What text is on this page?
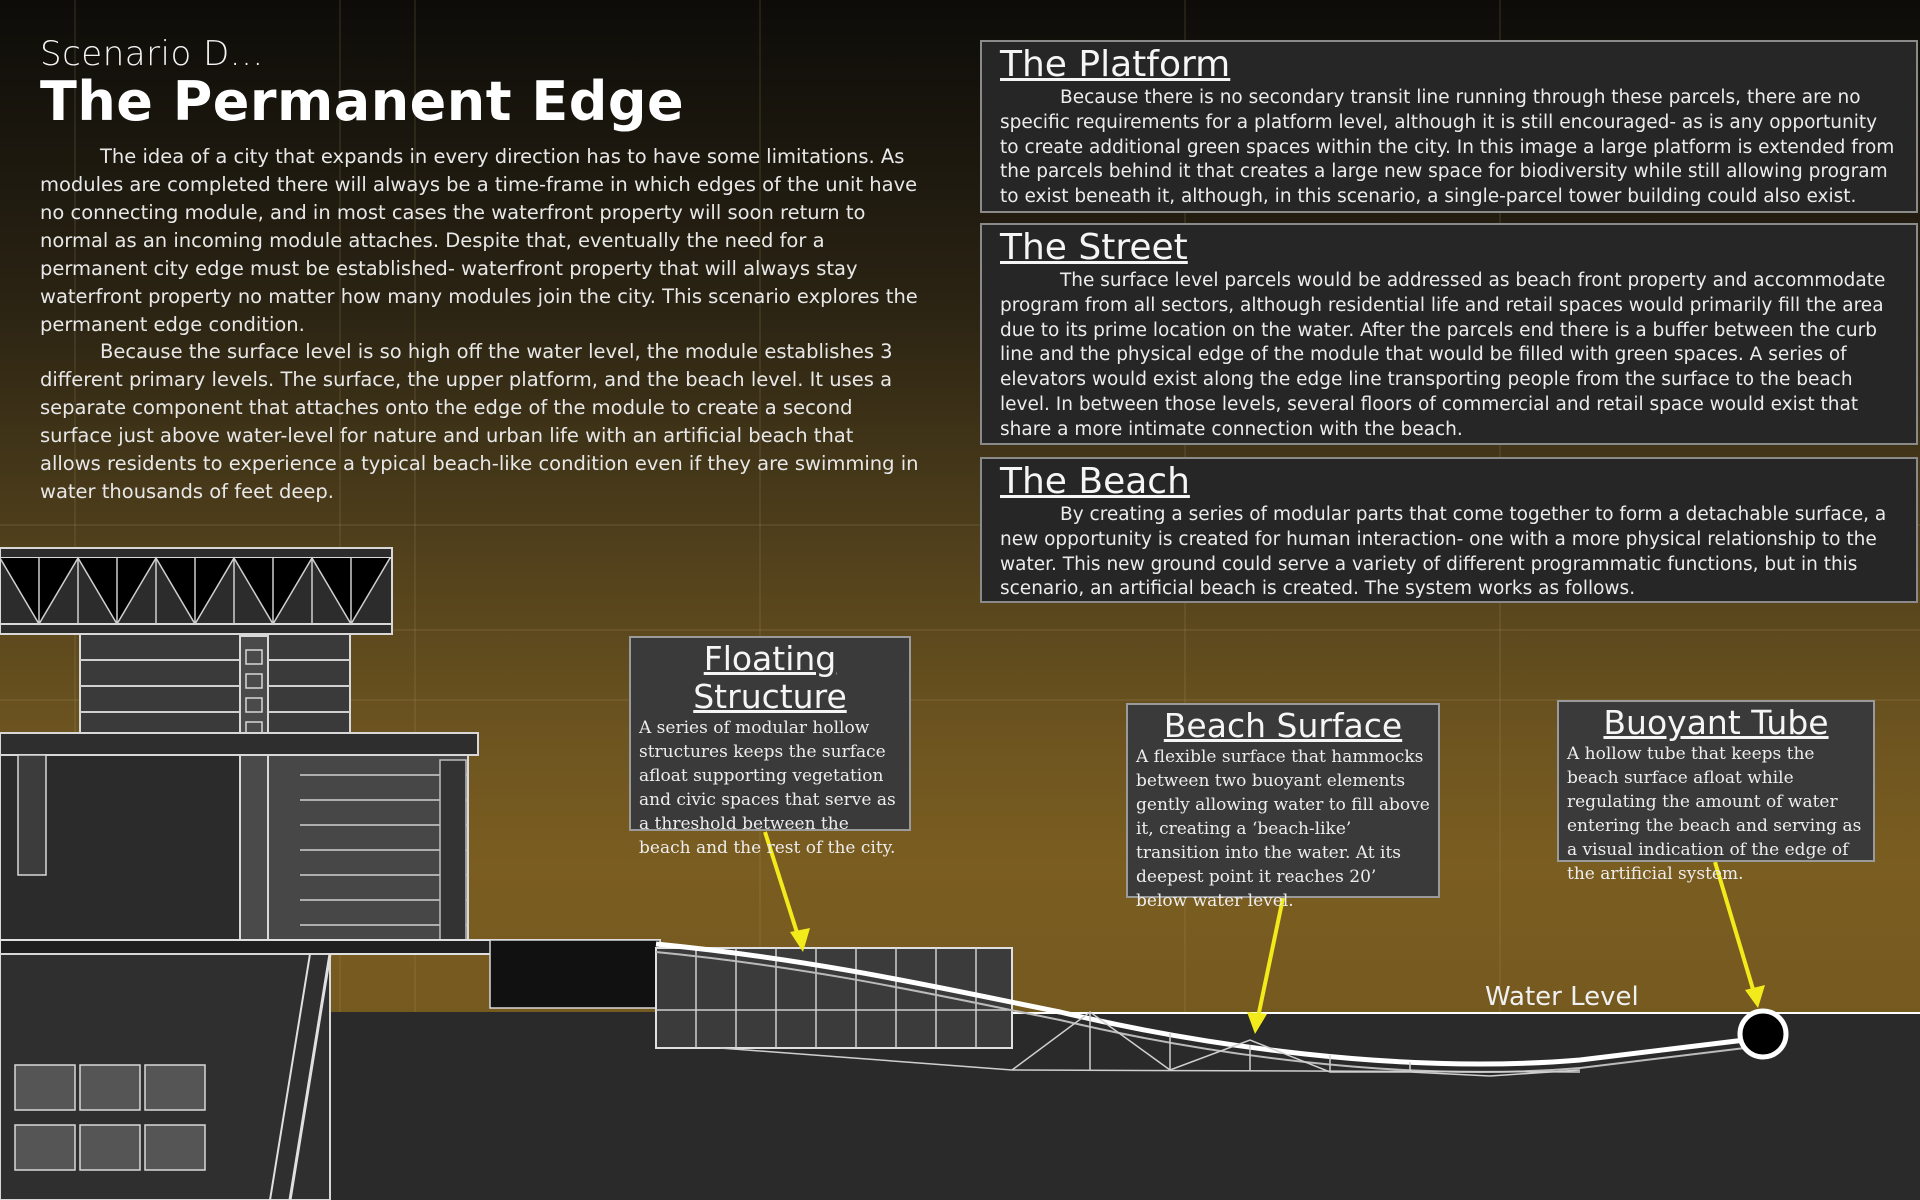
Scenario D...
The Permanent Edge

The idea of a city that expands in every direction has to have some limitations. As modules are completed there will always be a time-frame in which edges of the unit have no connecting module, and in most cases the waterfront property will soon return to normal as an incoming module attaches. Despite that, eventually the need for a permanent city edge must be established- waterfront property that will always stay waterfront property no matter how many modules join the city. This scenario explores the permanent edge condition.

Because the surface level is so high off the water level, the module establishes 3 different primary levels. The surface, the upper platform, and the beach level. It uses a separate component that attaches onto the edge of the module to create a second surface just above water-level for nature and urban life with an artificial beach that allows residents to experience a typical beach-like condition even if they are swimming in water thousands of feet deep.

The Platform

Because there is no secondary transit line running through these parcels, there are no specific requirements for a platform level, although it is still encouraged- as is any opportunity to create additional green spaces within the city. In this image a large platform is extended from the parcels behind it that creates a large new space for biodiversity while still allowing program to exist beneath it, although, in this scenario, a single-parcel tower building could also exist.

The Street

The surface level parcels would be addressed as beach front property and accommodate program from all sectors, although residential life and retail spaces would primarily fill the area due to its prime location on the water. After the parcels end there is a buffer between the curb line and the physical edge of the module that would be filled with green spaces. A series of elevators would exist along the edge line transporting people from the surface to the beach level. In between those levels, several floors of commercial and retail space would exist that share a more intimate connection with the beach.

The Beach

By creating a series of modular parts that come together to form a detachable surface, a new opportunity is created for human interaction- one with a more physical relationship to the water. This new ground could serve a variety of different programmatic functions, but in this scenario, an artificial beach is created. The system works as follows.

Floating Structure

A series of modular hollow structures keeps the surface afloat supporting vegetation and civic spaces that serve as a threshold between the beach and the rest of the city.

Beach Surface

A flexible surface that hammocks between two buoyant elements gently allowing water to fill above it, creating a ‘beach-like’ transition into the water. At its deepest point it reaches 20’ below water level.

Buoyant Tube

A hollow tube that keeps the beach surface afloat while regulating the amount of water entering the beach and serving as a visual indication of the edge of the artificial system.

Water Level
